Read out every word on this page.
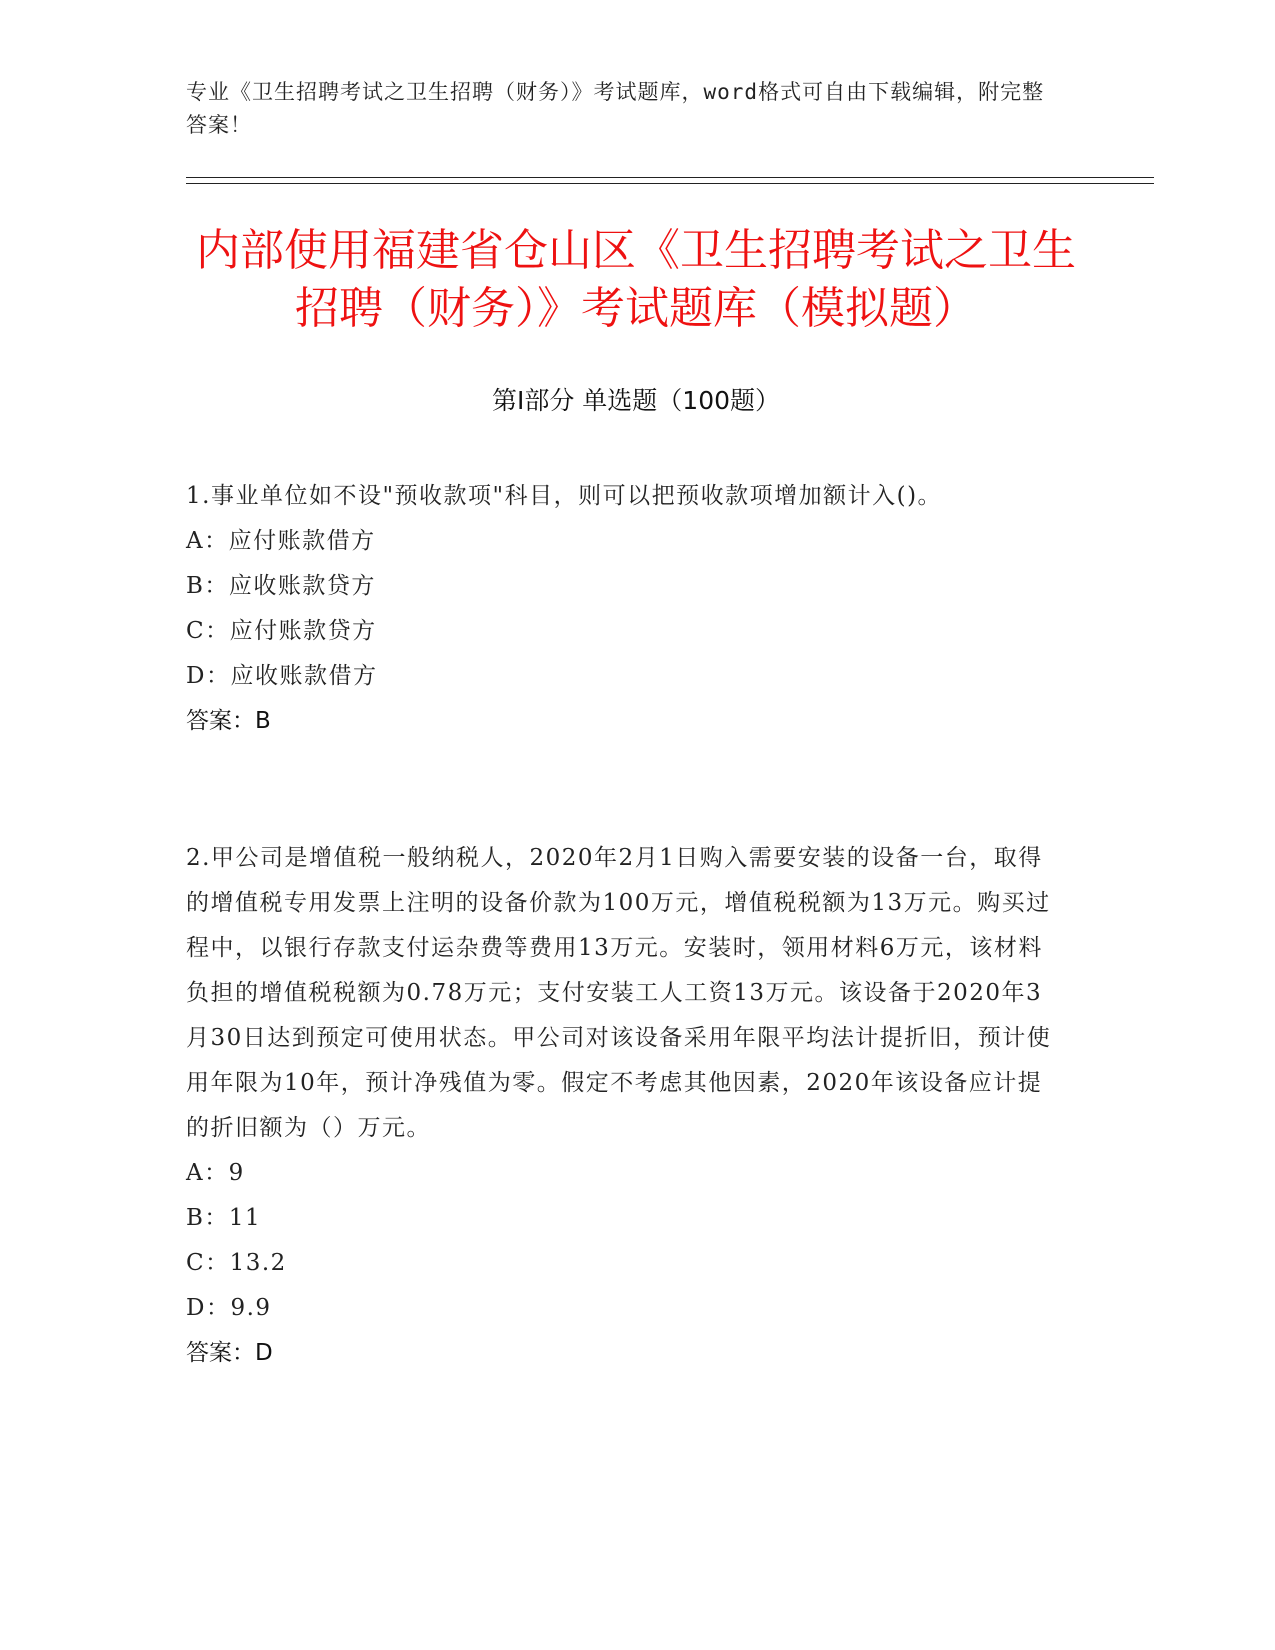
专业《卫生招聘考试之卫生招聘（财务）》考试题库，word格式可自由下载编辑，附完整答案！
内部使用福建省仓山区《卫生招聘考试之卫生招聘（财务）》考试题库（模拟题）
第Ⅰ部分 单选题（100题）
1.事业单位如不设"预收款项"科目，则可以把预收款项增加额计入()。
A：应付账款借方
B：应收账款贷方
C：应付账款贷方
D：应收账款借方
答案：B
2.甲公司是增值税一般纳税人，2020年2月1日购入需要安装的设备一台，取得的增值税专用发票上注明的设备价款为100万元，增值税税额为13万元。购买过程中，以银行存款支付运杂费等费用13万元。安装时，领用材料6万元，该材料负担的增值税税额为0.78万元；支付安装工人工资13万元。该设备于2020年3月30日达到预定可使用状态。甲公司对该设备采用年限平均法计提折旧，预计使用年限为10年，预计净残值为零。假定不考虑其他因素，2020年该设备应计提的折旧额为（）万元。
A：9
B：11
C：13.2
D：9.9
答案：D
